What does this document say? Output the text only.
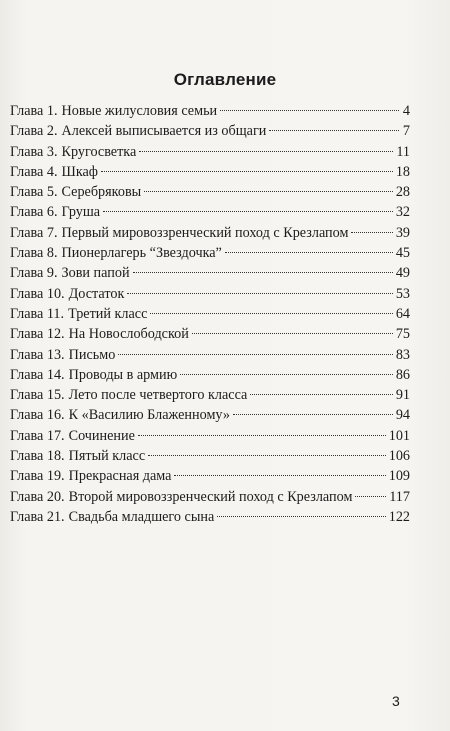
Оглавление
Глава 1. Новые жилусловия семьи	4
Глава 2. Алексей выписывается из общаги	7
Глава 3. Кругосветка	11
Глава 4. Шкаф	18
Глава 5. Серебряковы	28
Глава 6. Груша	32
Глава 7. Первый мировоззренческий поход с Крезлапом	39
Глава 8. Пионерлагерь “Звездочка”	45
Глава 9. Зови папой	49
Глава 10. Достаток	53
Глава 11. Третий класс	64
Глава 12. На Новослободской	75
Глава 13. Письмо	83
Глава 14. Проводы в армию	86
Глава 15. Лето после четвертого класса	91
Глава 16. К «Василию Блаженному»	94
Глава 17. Сочинение	101
Глава 18. Пятый класс	106
Глава 19. Прекрасная дама	109
Глава 20. Второй мировоззренческий поход с Крезлапом	117
Глава 21. Свадьба младшего сына	122
3
